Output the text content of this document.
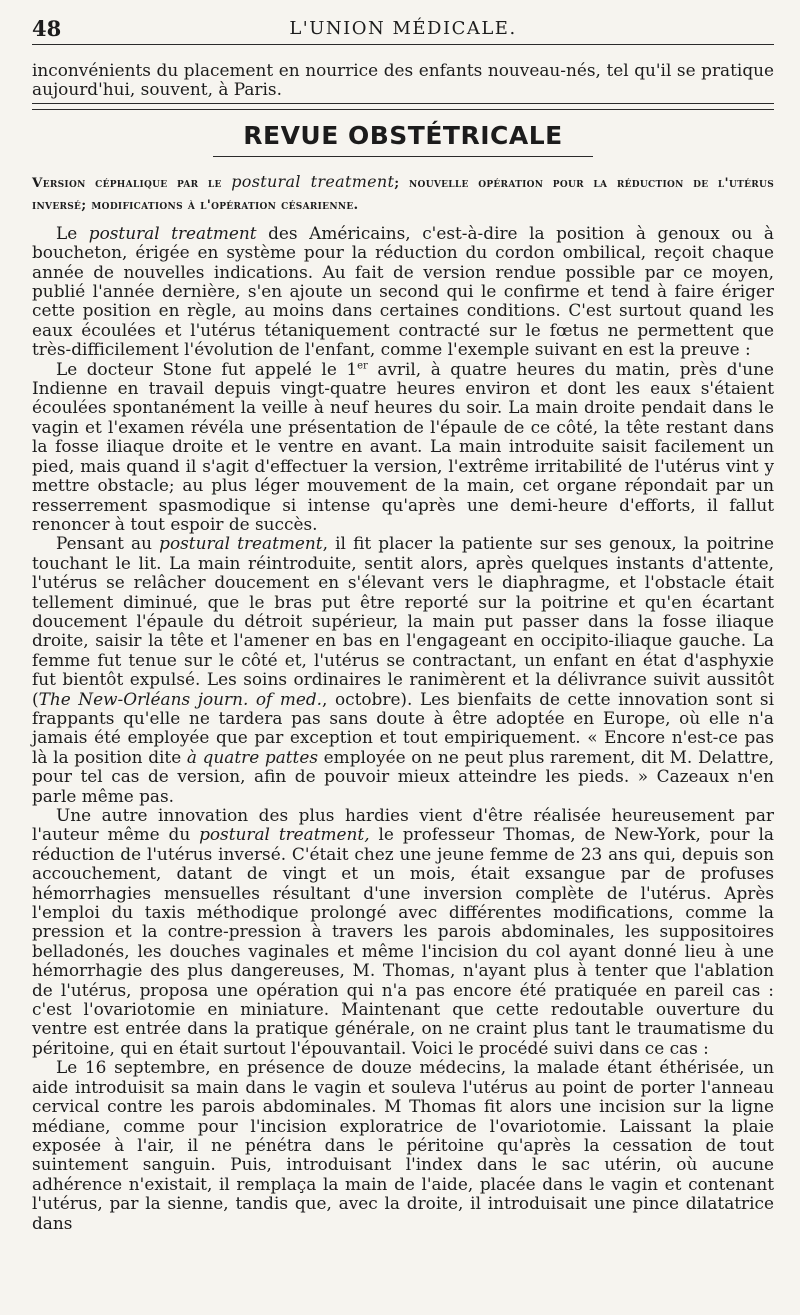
48	L'UNION MÉDICALE.

inconvénients du placement en nourrice des enfants nouveau-nés, tel qu'il se pratique aujourd'hui, souvent, à Paris.

REVUE OBSTÉTRICALE

Version céphalique par le postural treatment; nouvelle opération pour la réduction de l'utérus inversé; modifications à l'opération césarienne.

Le postural treatment des Américains, c'est-à-dire la position à genoux ou à boucheton, érigée en système pour la réduction du cordon ombilical, reçoit chaque année de nouvelles indications. Au fait de version rendue possible par ce moyen, publié l'année dernière, s'en ajoute un second qui le confirme et tend à faire ériger cette position en règle, au moins dans certaines conditions. C'est surtout quand les eaux écoulées et l'utérus tétaniquement contracté sur le fœtus ne permettent que très-difficilement l'évolution de l'enfant, comme l'exemple suivant en est la preuve :

Le docteur Stone fut appelé le 1er avril, à quatre heures du matin, près d'une Indienne en travail depuis vingt-quatre heures environ et dont les eaux s'étaient écoulées spontanément la veille à neuf heures du soir. La main droite pendait dans le vagin et l'examen révéla une présentation de l'épaule de ce côté, la tête restant dans la fosse iliaque droite et le ventre en avant. La main introduite saisit facilement un pied, mais quand il s'agit d'effectuer la version, l'extrême irritabilité de l'utérus vint y mettre obstacle; au plus léger mouvement de la main, cet organe répondait par un resserrement spasmodique si intense qu'après une demi-heure d'efforts, il fallut renoncer à tout espoir de succès.

Pensant au postural treatment, il fit placer la patiente sur ses genoux, la poitrine touchant le lit. La main réintroduite, sentit alors, après quelques instants d'attente, l'utérus se relâcher doucement en s'élevant vers le diaphragme, et l'obstacle était tellement diminué, que le bras put être reporté sur la poitrine et qu'en écartant doucement l'épaule du détroit supérieur, la main put passer dans la fosse iliaque droite, saisir la tête et l'amener en bas en l'engageant en occipito-iliaque gauche. La femme fut tenue sur le côté et, l'utérus se contractant, un enfant en état d'asphyxie fut bientôt expulsé. Les soins ordinaires le ranimèrent et la délivrance suivit aussitôt (The New-Orléans journ. of med., octobre). Les bienfaits de cette innovation sont si frappants qu'elle ne tardera pas sans doute à être adoptée en Europe, où elle n'a jamais été employée que par exception et tout empiriquement. « Encore n'est-ce pas là la position dite à quatre pattes employée on ne peut plus rarement, dit M. Delattre, pour tel cas de version, afin de pouvoir mieux atteindre les pieds. » Cazeaux n'en parle même pas.

Une autre innovation des plus hardies vient d'être réalisée heureusement par l'auteur même du postural treatment, le professeur Thomas, de New-York, pour la réduction de l'utérus inversé. C'était chez une jeune femme de 23 ans qui, depuis son accouchement, datant de vingt et un mois, était exsangue par de profuses hémorrhagies mensuelles résultant d'une inversion complète de l'utérus. Après l'emploi du taxis méthodique prolongé avec différentes modifications, comme la pression et la contre-pression à travers les parois abdominales, les suppositoires belladonés, les douches vaginales et même l'incision du col ayant donné lieu à une hémorrhagie des plus dangereuses, M. Thomas, n'ayant plus à tenter que l'ablation de l'utérus, proposa une opération qui n'a pas encore été pratiquée en pareil cas : c'est l'ovariotomie en miniature. Maintenant que cette redoutable ouverture du ventre est entrée dans la pratique générale, on ne craint plus tant le traumatisme du péritoine, qui en était surtout l'épouvantail. Voici le procédé suivi dans ce cas :

Le 16 septembre, en présence de douze médecins, la malade étant éthérisée, un aide introduisit sa main dans le vagin et souleva l'utérus au point de porter l'anneau cervical contre les parois abdominales. M Thomas fit alors une incision sur la ligne médiane, comme pour l'incision exploratrice de l'ovariotomie. Laissant la plaie exposée à l'air, il ne pénétra dans le péritoine qu'après la cessation de tout suintement sanguin. Puis, introduisant l'index dans le sac utérin, où aucune adhérence n'existait, il remplaça la main de l'aide, placée dans le vagin et contenant l'utérus, par la sienne, tandis que, avec la droite, il introduisait une pince dilatatrice dans
